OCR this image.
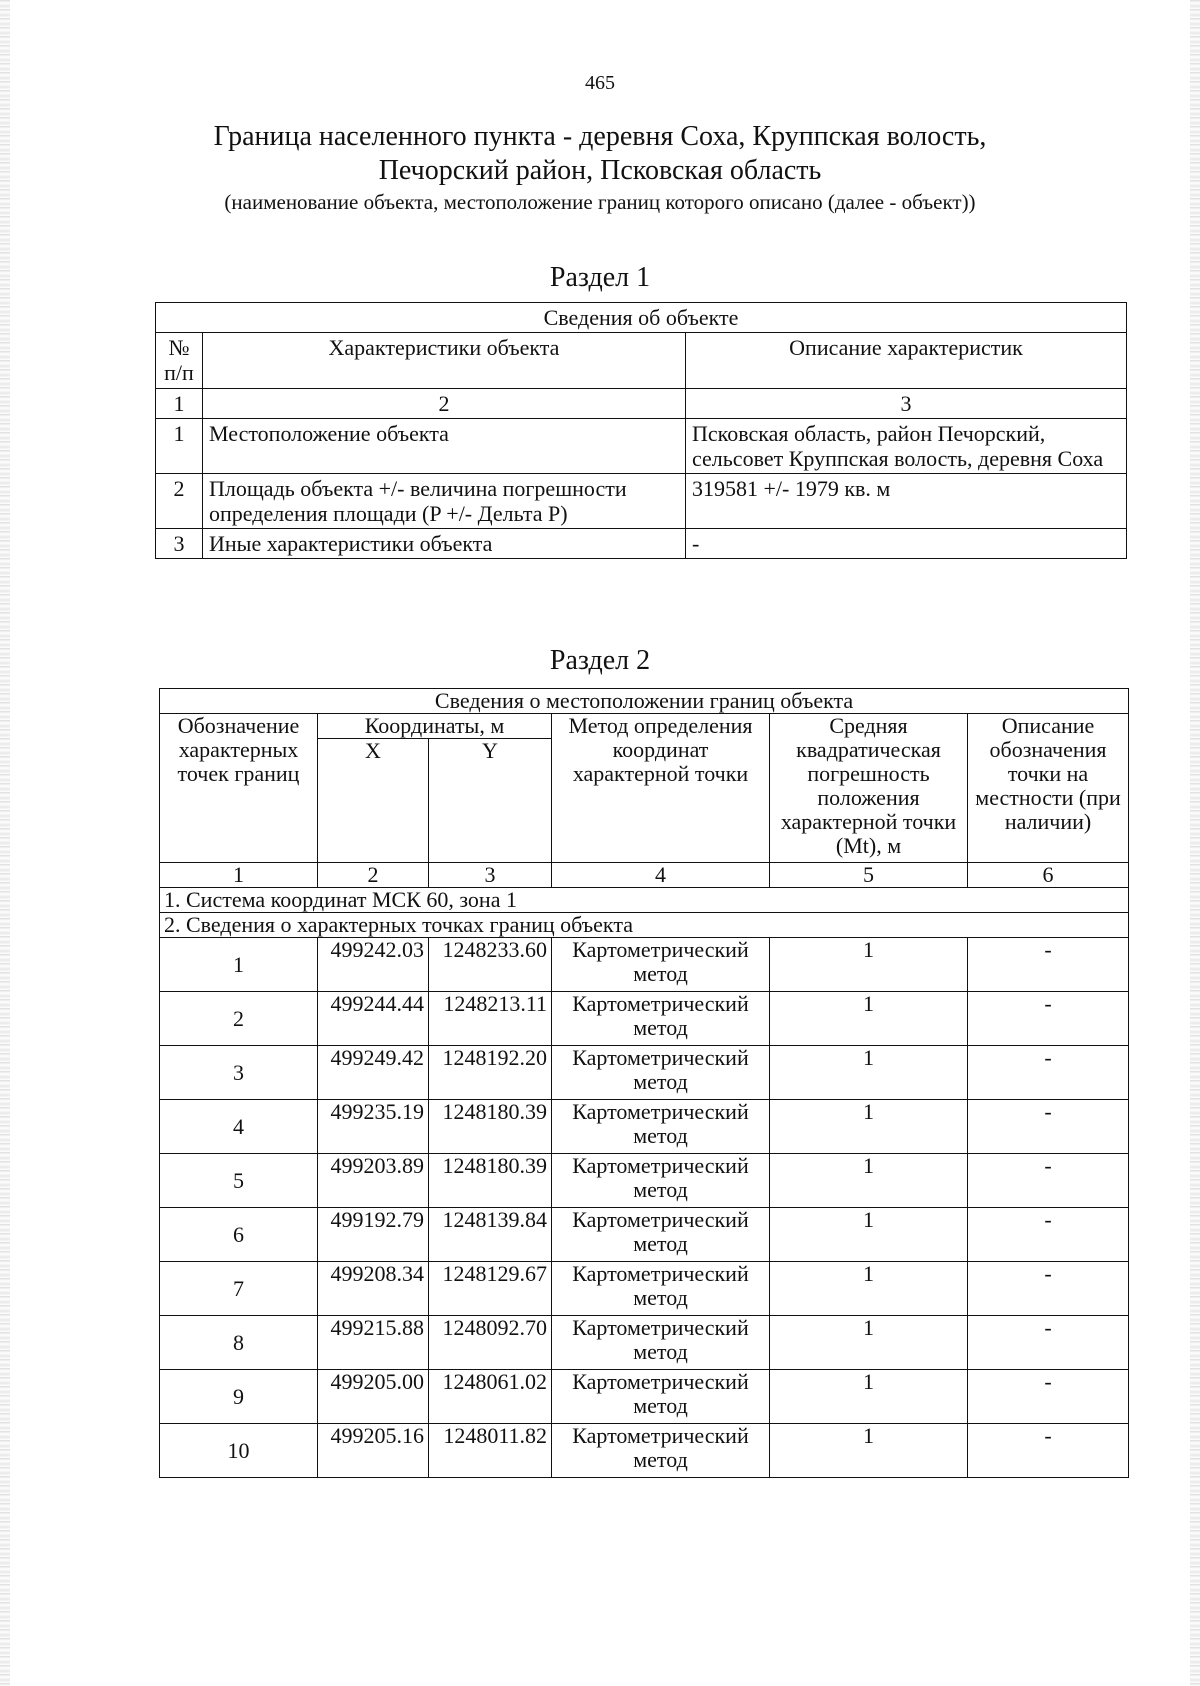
465
Граница населенного пункта - деревня Соха, Круппская волость,
Печорский район, Псковская область
(наименование объекта, местоположение границ которого описано (далее - объект))
Раздел 1
Сведения об объекте		
№ п/п	Характеристики объекта	Описание характеристик
1	2	3
1	Местоположение объекта	Псковская область, район Печорский, сельсовет Круппская волость, деревня Соха
2	Площадь объекта +/- величина погрешности определения площади (P +/- Дельта P)	319581 +/- 1979 кв. м
3	Иные характеристики объекта	-
Раздел 2
Сведения о местоположении границ объекта					
Обозначение характерных точек границ	Координаты, м		Метод определения координат характерной точки	Средняя квадратическая погрешность положения характерной точки (Mt), м	Описание обозначения точки на местности (при наличии)
	X	Y			
1	2	3	4	5	6
1. Система координат МСК 60, зона 1					
2. Сведения о характерных точках границ объекта					
1	499242.03	1248233.60	Картометрический метод	1	-
2	499244.44	1248213.11	Картометрический метод	1	-
3	499249.42	1248192.20	Картометрический метод	1	-
4	499235.19	1248180.39	Картометрический метод	1	-
5	499203.89	1248180.39	Картометрический метод	1	-
6	499192.79	1248139.84	Картометрический метод	1	-
7	499208.34	1248129.67	Картометрический метод	1	-
8	499215.88	1248092.70	Картометрический метод	1	-
9	499205.00	1248061.02	Картометрический метод	1	-
10	499205.16	1248011.82	Картометрический метод	1	-
